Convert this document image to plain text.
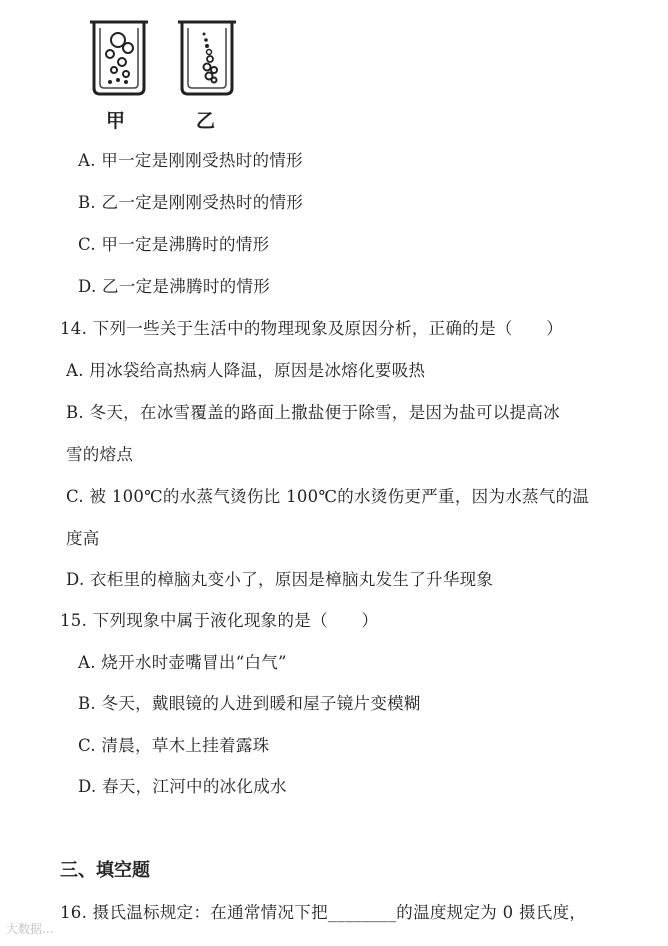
甲	乙
A. 甲一定是刚刚受热时的情形
B. 乙一定是刚刚受热时的情形
C. 甲一定是沸腾时的情形
D. 乙一定是沸腾时的情形
14. 下列一些关于生活中的物理现象及原因分析，正确的是（　　）
A. 用冰袋给高热病人降温，原因是冰熔化要吸热
B. 冬天，在冰雪覆盖的路面上撒盐便于除雪，是因为盐可以提高冰
雪的熔点
C. 被 100℃的水蒸气烫伤比 100℃的水烫伤更严重，因为水蒸气的温
度高
D. 衣柜里的樟脑丸变小了，原因是樟脑丸发生了升华现象
15. 下列现象中属于液化现象的是（　　）
A. 烧开水时壶嘴冒出“白气”
B. 冬天，戴眼镜的人进到暖和屋子镜片变模糊
C. 清晨，草木上挂着露珠
D. 春天，江河中的冰化成水
三、填空题
16. 摄氏温标规定：在通常情况下把________的温度规定为 0 摄氏度，
大数据...
